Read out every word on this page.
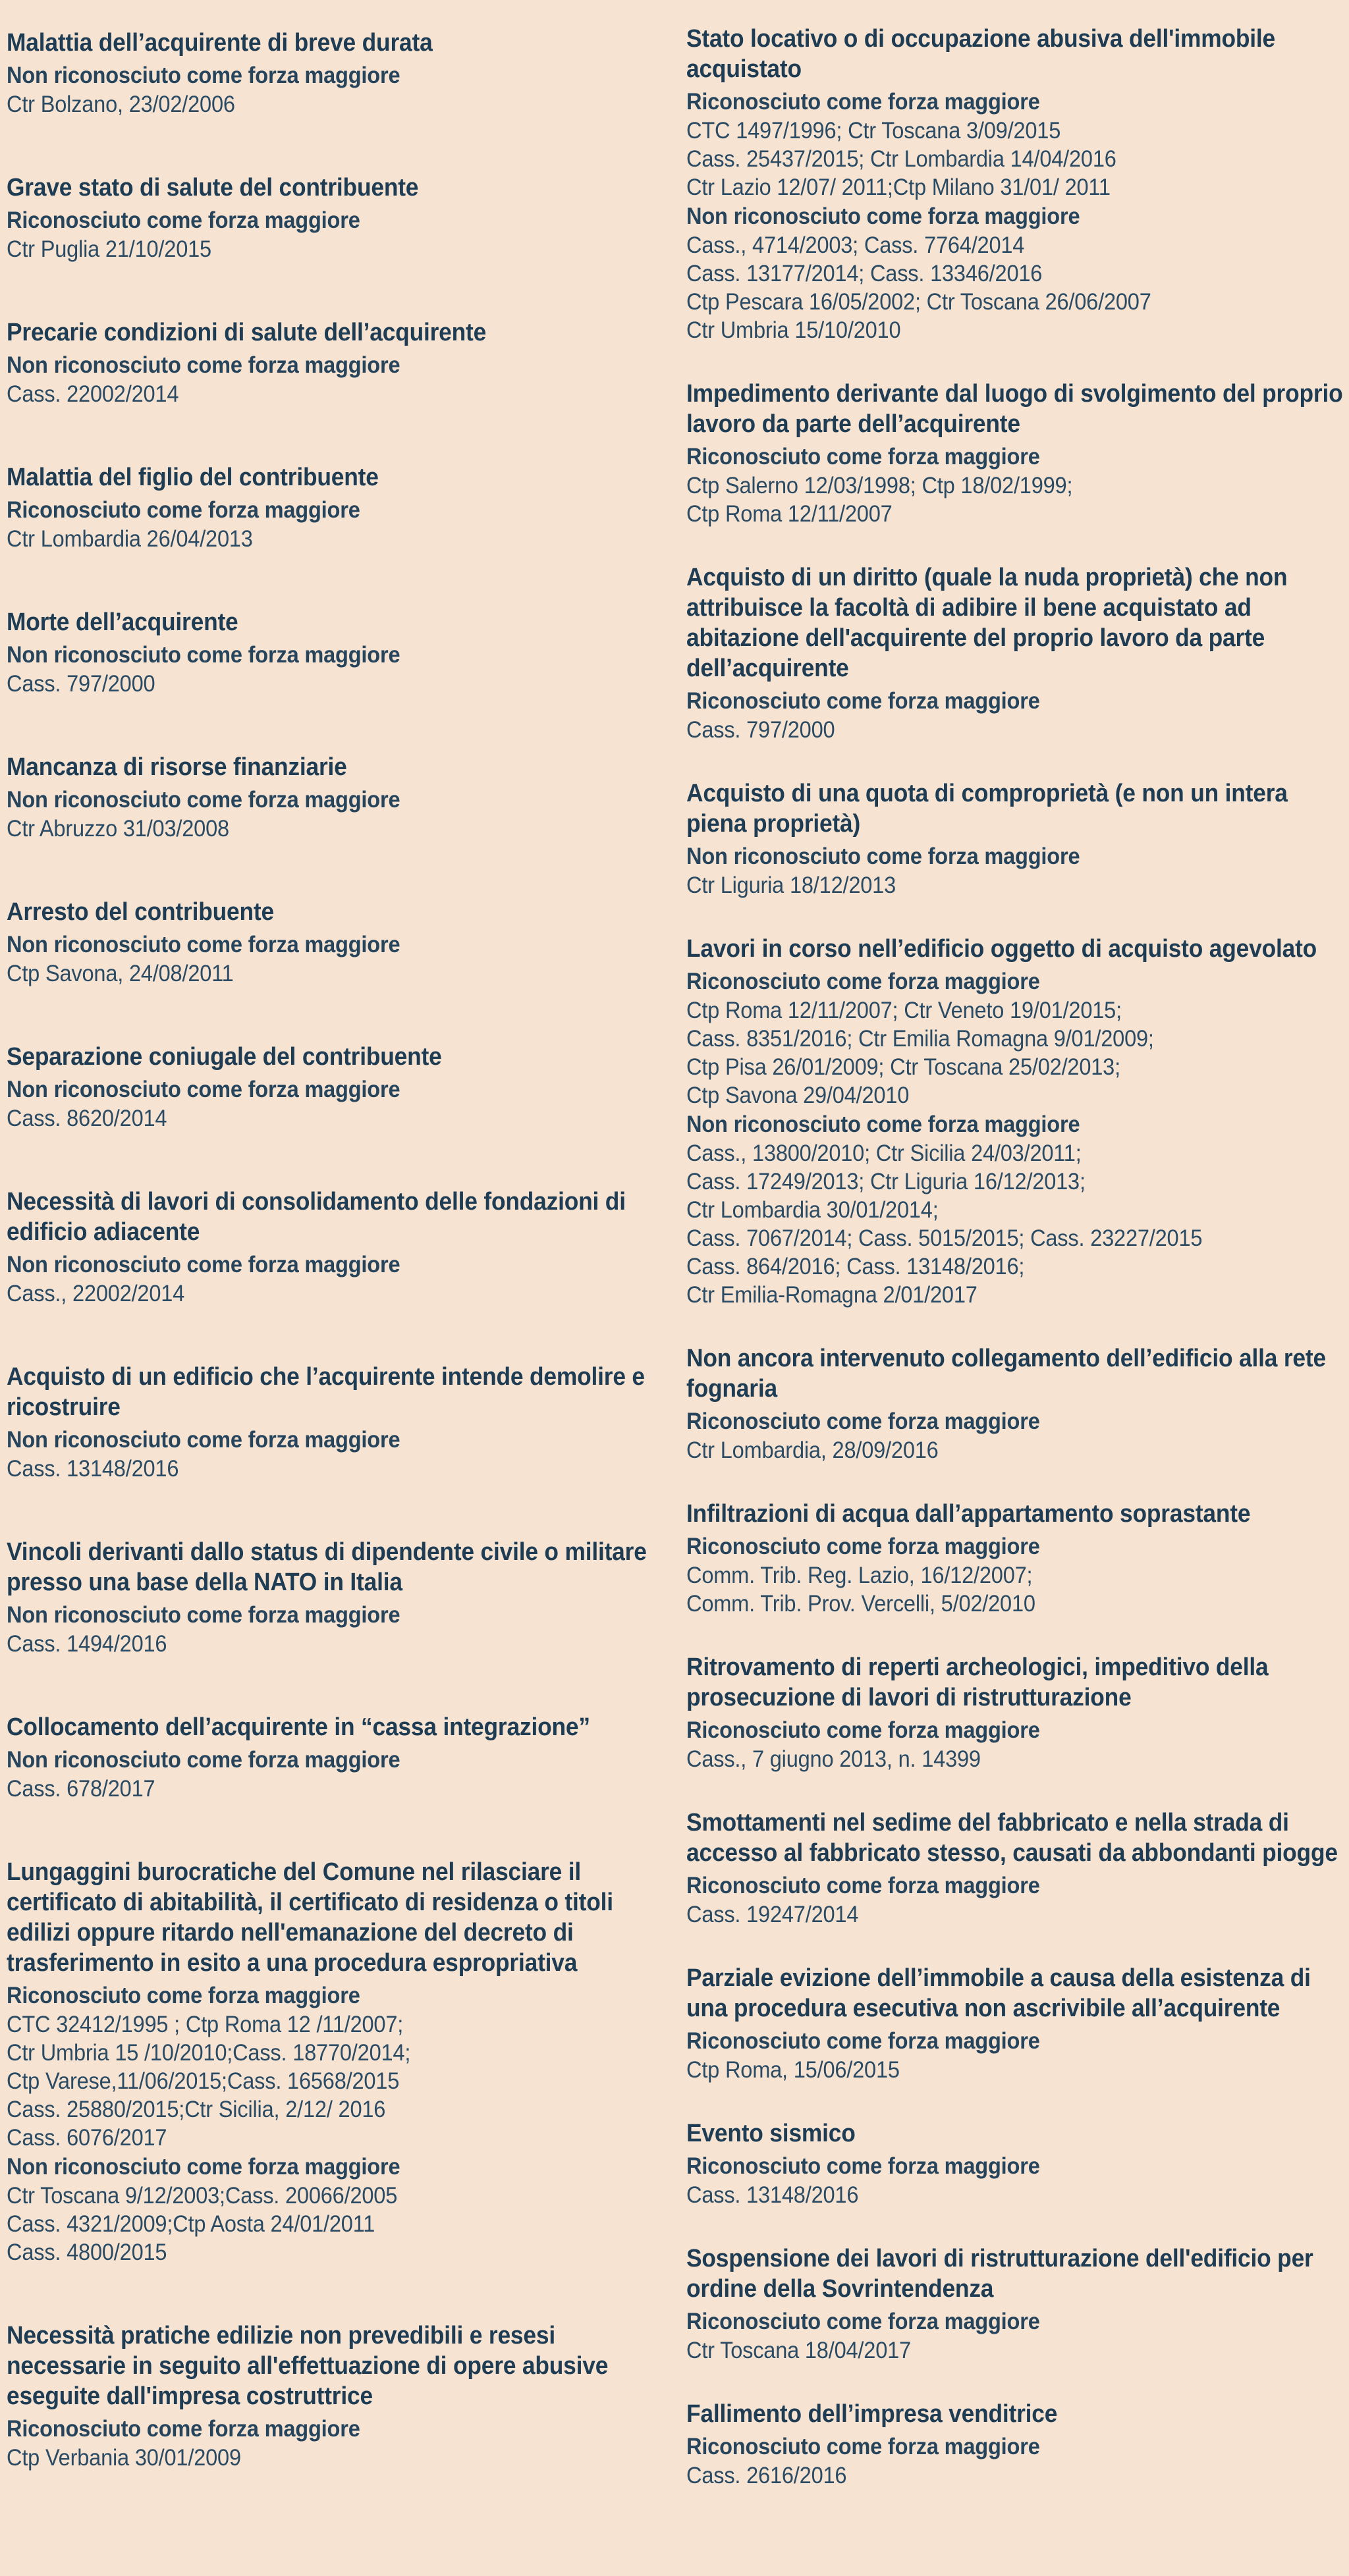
Malattia dell’acquirente di breve durata
Non riconosciuto come forza maggiore
Ctr Bolzano, 23/02/2006
Grave stato di salute del contribuente
Riconosciuto come forza maggiore
Ctr Puglia 21/10/2015
Precarie condizioni di salute dell’acquirente
Non riconosciuto come forza maggiore
Cass. 22002/2014
Malattia del figlio del contribuente
Riconosciuto come forza maggiore
Ctr Lombardia 26/04/2013
Morte dell’acquirente
Non riconosciuto come forza maggiore
Cass. 797/2000
Mancanza di risorse finanziarie
Non riconosciuto come forza maggiore
Ctr Abruzzo 31/03/2008
Arresto del contribuente
Non riconosciuto come forza maggiore
Ctp Savona, 24/08/2011
Separazione coniugale del contribuente
Non riconosciuto come forza maggiore
Cass. 8620/2014
Necessità di lavori di consolidamento delle fondazioni di edificio adiacente
Non riconosciuto come forza maggiore
Cass., 22002/2014
Acquisto di un edificio che l’acquirente intende demolire e ricostruire
Non riconosciuto come forza maggiore
Cass. 13148/2016
Vincoli derivanti dallo status di dipendente civile o militare presso una base della NATO in Italia
Non riconosciuto come forza maggiore
Cass. 1494/2016
Collocamento dell’acquirente in “cassa integrazione”
Non riconosciuto come forza maggiore
Cass. 678/2017
Lungaggini burocratiche del Comune nel rilasciare il certificato di abitabilità, il certificato di residenza o titoli edilizi oppure ritardo nell'emanazione del decreto di trasferimento in esito a una procedura espropriativa
Riconosciuto come forza maggiore
CTC 32412/1995 ; Ctp Roma 12 /11/2007;
Ctr Umbria 15 /10/2010;Cass. 18770/2014;
Ctp Varese,11/06/2015;Cass. 16568/2015
Cass. 25880/2015;Ctr Sicilia, 2/12/ 2016
Cass. 6076/2017
Non riconosciuto come forza maggiore
Ctr Toscana 9/12/2003;Cass. 20066/2005
Cass. 4321/2009;Ctp Aosta 24/01/2011
Cass. 4800/2015
Necessità pratiche edilizie non prevedibili e resesi necessarie in seguito all'effettuazione di opere abusive eseguite dall'impresa costruttrice
Riconosciuto come forza maggiore
Ctp Verbania 30/01/2009
Stato locativo o di occupazione abusiva dell'immobile acquistato
Riconosciuto come forza maggiore
CTC 1497/1996; Ctr Toscana 3/09/2015
Cass. 25437/2015; Ctr Lombardia 14/04/2016
Ctr Lazio 12/07/ 2011;Ctp Milano 31/01/ 2011
Non riconosciuto come forza maggiore
Cass., 4714/2003; Cass. 7764/2014
Cass. 13177/2014; Cass. 13346/2016
Ctp Pescara 16/05/2002; Ctr Toscana 26/06/2007
Ctr Umbria 15/10/2010
Impedimento derivante dal luogo di svolgimento del proprio lavoro da parte dell’acquirente
Riconosciuto come forza maggiore
Ctp Salerno 12/03/1998; Ctp 18/02/1999;
Ctp Roma 12/11/2007
Acquisto di un diritto (quale la nuda proprietà) che non attribuisce la facoltà di adibire il bene acquistato ad abitazione dell'acquirente del proprio lavoro da parte dell’acquirente
Riconosciuto come forza maggiore
Cass. 797/2000
Acquisto di una quota di comproprietà (e non un intera piena proprietà)
Non riconosciuto come forza maggiore
Ctr Liguria 18/12/2013
Lavori in corso nell’edificio oggetto di acquisto agevolato
Riconosciuto come forza maggiore
Ctp Roma 12/11/2007; Ctr Veneto 19/01/2015;
Cass. 8351/2016; Ctr Emilia Romagna 9/01/2009;
Ctp Pisa 26/01/2009; Ctr Toscana 25/02/2013;
Ctp Savona 29/04/2010
Non riconosciuto come forza maggiore
Cass., 13800/2010; Ctr Sicilia 24/03/2011;
Cass. 17249/2013; Ctr Liguria 16/12/2013;
Ctr Lombardia 30/01/2014;
Cass. 7067/2014; Cass. 5015/2015; Cass. 23227/2015
Cass. 864/2016; Cass. 13148/2016;
Ctr Emilia-Romagna 2/01/2017
Non ancora intervenuto collegamento dell’edificio alla rete fognaria
Riconosciuto come forza maggiore
Ctr Lombardia, 28/09/2016
Infiltrazioni di acqua dall’appartamento soprastante
Riconosciuto come forza maggiore
Comm. Trib. Reg. Lazio, 16/12/2007;
Comm. Trib. Prov. Vercelli, 5/02/2010
Ritrovamento di reperti archeologici, impeditivo della prosecuzione di lavori di ristrutturazione
Riconosciuto come forza maggiore
Cass., 7 giugno 2013, n. 14399
Smottamenti nel sedime del fabbricato e nella strada di accesso al fabbricato stesso, causati da abbondanti piogge
Riconosciuto come forza maggiore
Cass. 19247/2014
Parziale evizione dell’immobile a causa della esistenza di una procedura esecutiva non ascrivibile all’acquirente
Riconosciuto come forza maggiore
Ctp Roma, 15/06/2015
Evento sismico
Riconosciuto come forza maggiore
Cass. 13148/2016
Sospensione dei lavori di ristrutturazione dell'edificio per ordine della Sovrintendenza
Riconosciuto come forza maggiore
Ctr Toscana 18/04/2017
Fallimento dell’impresa venditrice
Riconosciuto come forza maggiore
Cass. 2616/2016
